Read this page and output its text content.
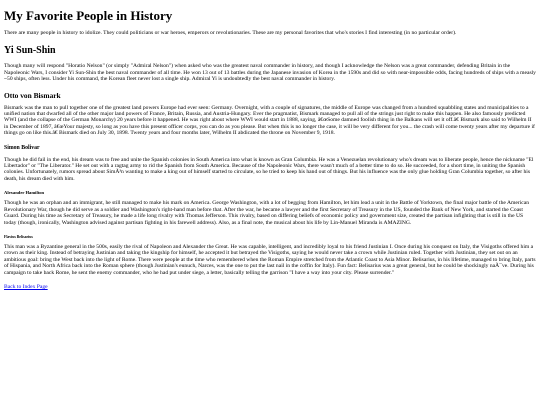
My Favorite People in History

There are many people in history to idolize. They could politicians or war heroes, emperors or revolutionaries. These are my personal favorites that who's stories I find interesting (in no particular order).

Yi Sun-Shin

Though many will respond "Horatio Nelson" (or simply "Admiral Nelson") when asked who was the greatest naval commander in history, and though I acknowledge the Nelson was a great commander, defending Britain in the Napoleonic Wars, I consider Yi Sun-Shin the best naval commander of all time. He won 13 out of 13 battles during the Japanese invasion of Korea in the 1590s and did so with near-impossible odds, facing hundreds of ships with a measly ~50 ships, often less. Under his command, the Korean fleet never lost a single ship. Admiral Yi is undoubtedly the best naval commander in history.

Otto von Bismark

Bismark was the man to pull together one of the greatest land powers Europe had ever seen: Germany. Overnight, with a couple of signatures, the middle of Europe was changed from a hundred squabbling states and municipalities to a unified nation that dwarfed all of the other major land powers of France, Britain, Russia, and Austria-Hungary. Ever the pragmatist, Bismark managed to pull all of the strings just right to make this happen. He also famously predicted WWI (and the collapse of the German Monarchy) 20 years before it happened. He was right about where WWI would start in 1888, saying, â€œSome damned foolish thing in the Balkans will set it off.â€ Bismark also said to Wilhelm II in December of 1897, â€œYour majesty, so long as you have this present officer corps, you can do as you please. But when this is no longer the case, it will be very different for you... the crash will come twenty years after my departure if things go on like this.â€ Bismark died on July 30, 1898. Twenty years and four months later, Wilhelm II abdicated the throne on November 9, 1918.

Simon Bolivar

Though he did fail in the end, his dream was to free and unite the Spanish colonies in South America into what is known as Gran Columbia. He was a Venezuelan revolutionary who's dream was to liberate people, hence the nickname "El Libertador" or "The Liberator." He set out with a ragtag army to rid the Spanish from South America. Because of the Napoleonic Wars, there wasn't much of a better time to do so. He succeeded, for a short time, in uniting the Spanish colonies. Unfortunately, rumors spread about SimÃ³n wanting to make a king out of himself started to circulate, so he tried to keep his hand out of things. But his influence was the only glue holding Gran Columbia together, so after his death, his dream died with him.

Alexander Hamilton

Though he was an orphan and an immigrant, he still managed to make his mark on America. George Washington, with a lot of begging from Hamilton, let him lead a unit in the Battle of Yorktown, the final major battle of the American Revolutionary War, though he did serve as a soldier and Washington's right-hand man before that. After the war, he became a lawyer and the first Secretary of Treasury in the US, founded the Bank of New York, and started the Coast Guard. During his time as Secretary of Treasury, he made a life long rivalry with Thomas Jefferson. This rivalry, based on differing beliefs of economic policy and government size, created the partisan infighting that is still in the US today (though, ironically, Washington advised against partisan fighting in his farewell address). Also, as a final note, the musical about his life by Lin-Manuel Miranda is AMAZING.

Flavius Belisarius

This man was a Byzantine general in the 500s, easily the rival of Napoleon and Alexander the Great. He was capable, intelligent, and incredibly loyal to his friend Justinian I. Once during his conquest on Italy, the Visigoths offered him a crown as their king. Instead of betraying Justinian and taking the kingship for himself, he accepted it but betrayed the Visigoths, saying he would never take a crown while Justinian ruled. Together with Justinian, they set out on an ambitious goal: bring the West back into the light of Rome. There were people at the time who remembered when the Roman Empire stretched from the Atlantic Coast to Asia Minor. Belisarius, in his lifetime, managed to bring Italy, parts of Hispania, and North Africa back into the Roman sphere (though Justinian's eunuch, Narces, was the one to put the last nail in the coffin for Italy). Fun fact: Belisarius was a great general, but he could be shockingly naÃ¯ve. During his campaign to take back Rome, he sent the enemy commander, who he had put under siege, a letter, basically telling the garrison "I have a way into your city. Please surrender."

Back to Index Page
